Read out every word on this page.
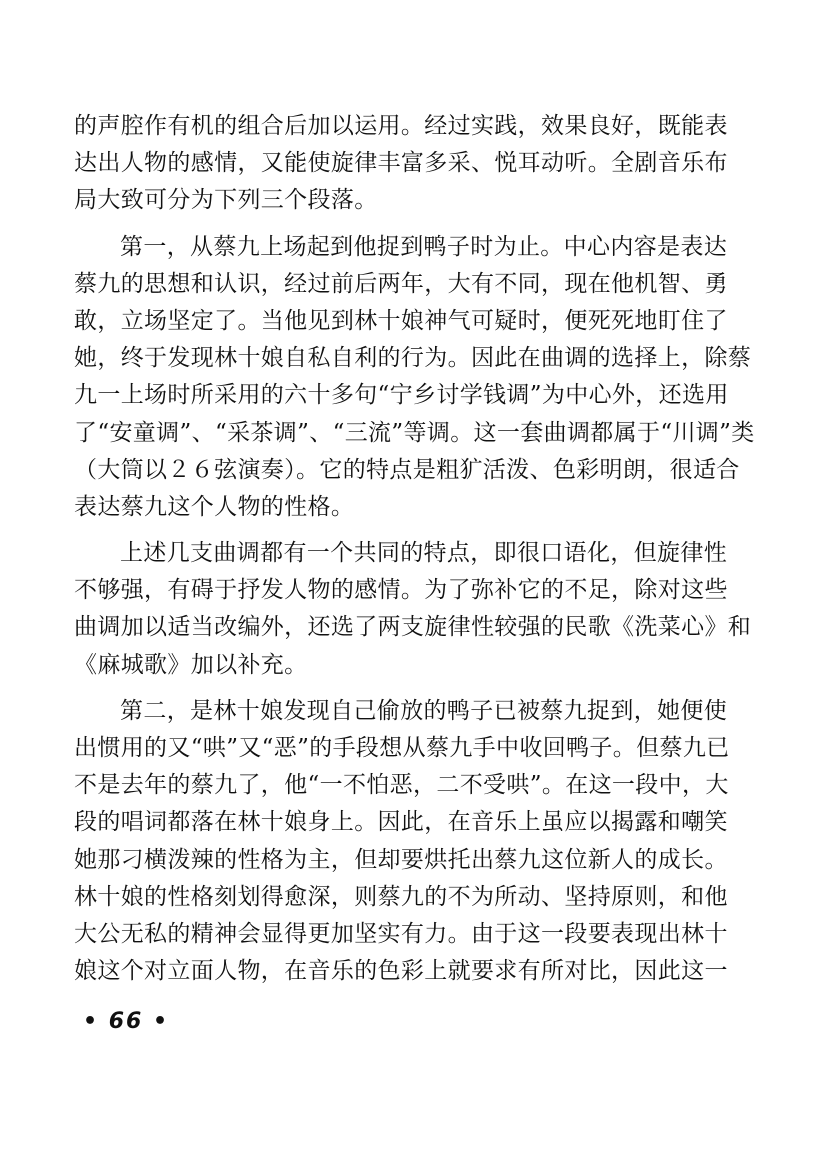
的声腔作有机的组合后加以运用。经过实践，效果良好，既能表
达出人物的感情，又能使旋律丰富多采、悦耳动听。全剧音乐布
局大致可分为下列三个段落。
第一，从蔡九上场起到他捉到鸭子时为止。中心内容是表达
蔡九的思想和认识，经过前后两年，大有不同，现在他机智、勇
敢，立场坚定了。当他见到林十娘神气可疑时，便死死地盯住了
她，终于发现林十娘自私自利的行为。因此在曲调的选择上，除蔡
九一上场时所采用的六十多句“宁乡讨学钱调”为中心外，还选用
了“安童调”、“采茶调”、“三流”等调。这一套曲调都属于“川调”类
（大筒以２６弦演奏）。它的特点是粗犷活泼、色彩明朗，很适合
表达蔡九这个人物的性格。
上述几支曲调都有一个共同的特点，即很口语化，但旋律性
不够强，有碍于抒发人物的感情。为了弥补它的不足，除对这些
曲调加以适当改编外，还选了两支旋律性较强的民歌《洗菜心》和
《麻城歌》加以补充。
第二，是林十娘发现自己偷放的鸭子已被蔡九捉到，她便使
出惯用的又“哄”又“恶”的手段想从蔡九手中收回鸭子。但蔡九已
不是去年的蔡九了，他“一不怕恶，二不受哄”。在这一段中，大
段的唱词都落在林十娘身上。因此，在音乐上虽应以揭露和嘲笑
她那刁横泼辣的性格为主，但却要烘托出蔡九这位新人的成长。
林十娘的性格刻划得愈深，则蔡九的不为所动、坚持原则，和他
大公无私的精神会显得更加坚实有力。由于这一段要表现出林十
娘这个对立面人物，在音乐的色彩上就要求有所对比，因此这一
• 66 •
